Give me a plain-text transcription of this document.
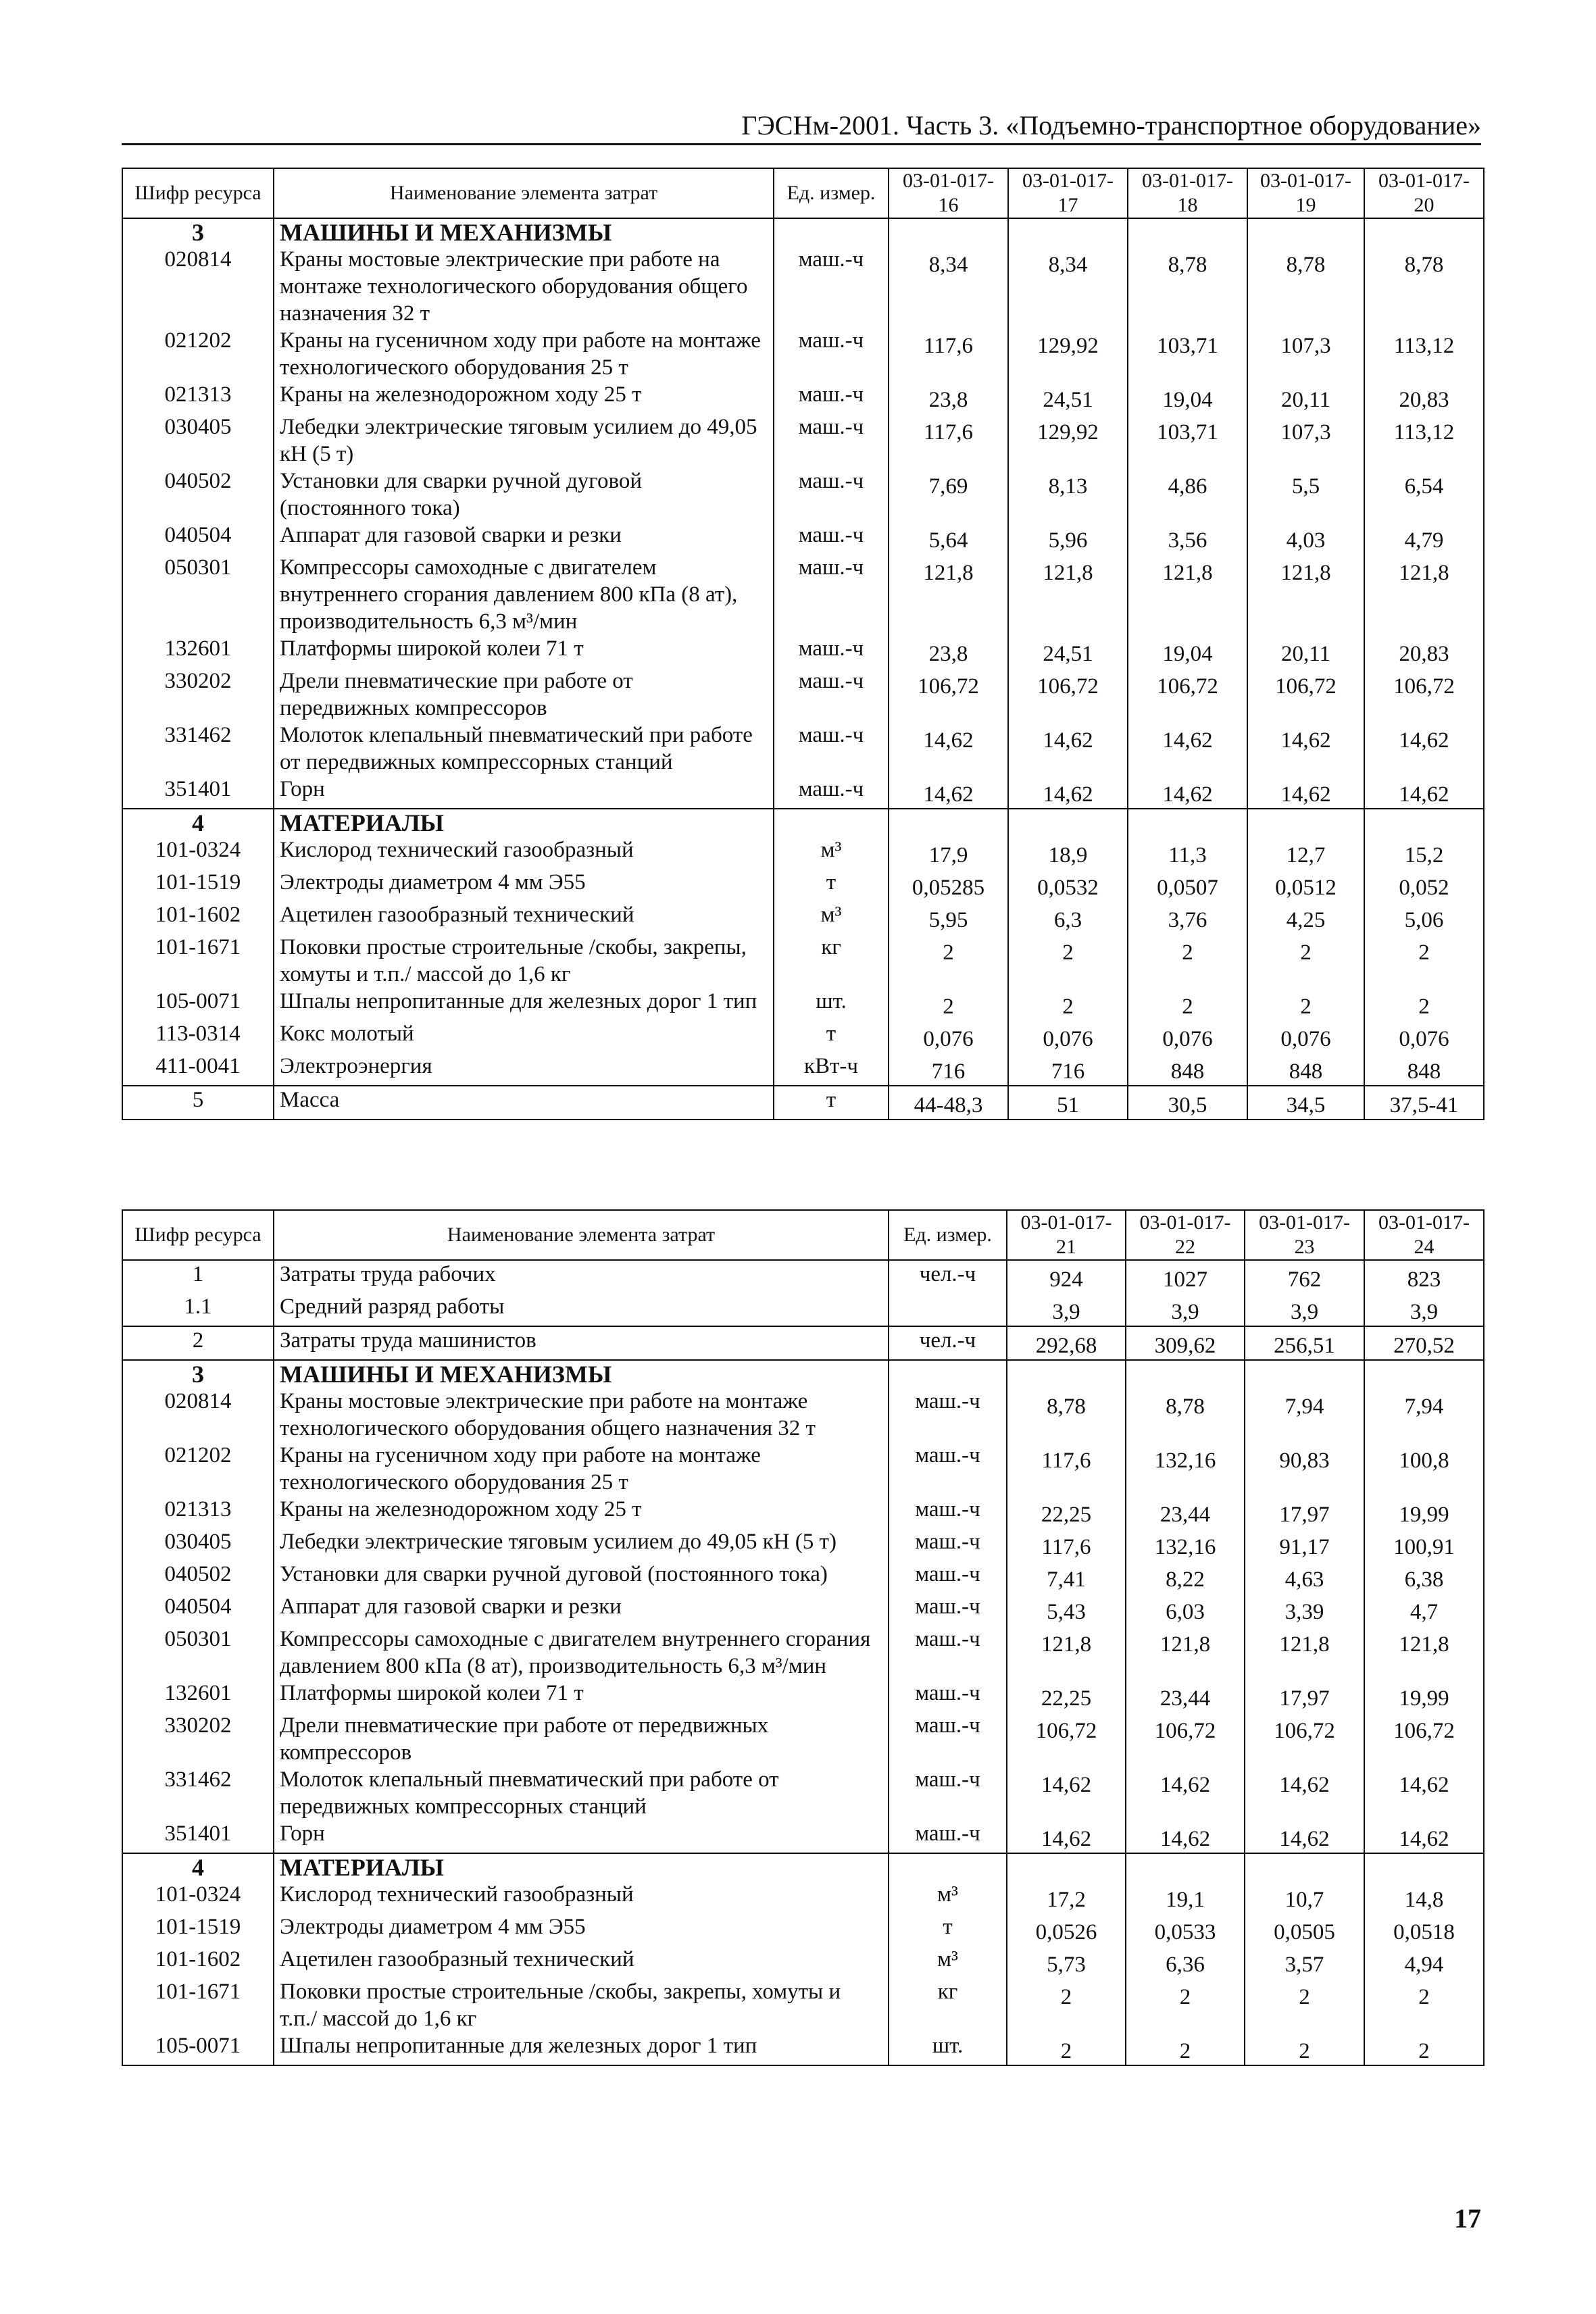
ГЭСНм-2001. Часть 3. «Подъемно-транспортное оборудование»
Шифр ресурса	Наименование элемента затрат	Ед. измер.	03-01-017-16	03-01-017-17	03-01-017-18	03-01-017-19	03-01-017-20
3	МАШИНЫ И МЕХАНИЗМЫ						
020814	Краны мостовые электрические при работе на монтаже технологического оборудования общего назначения 32 т	маш.-ч	8,34	8,34	8,78	8,78	8,78
021202	Краны на гусеничном ходу при работе на монтаже технологического оборудования 25 т	маш.-ч	117,6	129,92	103,71	107,3	113,12
021313	Краны на железнодорожном ходу 25 т	маш.-ч	23,8	24,51	19,04	20,11	20,83
030405	Лебедки электрические тяговым усилием до 49,05 кН (5 т)	маш.-ч	117,6	129,92	103,71	107,3	113,12
040502	Установки для сварки ручной дуговой (постоянного тока)	маш.-ч	7,69	8,13	4,86	5,5	6,54
040504	Аппарат для газовой сварки и резки	маш.-ч	5,64	5,96	3,56	4,03	4,79
050301	Компрессоры самоходные с двигателем внутреннего сгорания давлением 800 кПа (8 ат), производительность 6,3 м³/мин	маш.-ч	121,8	121,8	121,8	121,8	121,8
132601	Платформы широкой колеи 71 т	маш.-ч	23,8	24,51	19,04	20,11	20,83
330202	Дрели пневматические при работе от передвижных компрессоров	маш.-ч	106,72	106,72	106,72	106,72	106,72
331462	Молоток клепальный пневматический при работе от передвижных компрессорных станций	маш.-ч	14,62	14,62	14,62	14,62	14,62
351401	Горн	маш.-ч	14,62	14,62	14,62	14,62	14,62
4	МАТЕРИАЛЫ						
101-0324	Кислород технический газообразный	м³	17,9	18,9	11,3	12,7	15,2
101-1519	Электроды диаметром 4 мм Э55	т	0,05285	0,0532	0,0507	0,0512	0,052
101-1602	Ацетилен газообразный технический	м³	5,95	6,3	3,76	4,25	5,06
101-1671	Поковки простые строительные /скобы, закрепы, хомуты и т.п./ массой до 1,6 кг	кг	2	2	2	2	2
105-0071	Шпалы непропитанные для железных дорог 1 тип	шт.	2	2	2	2	2
113-0314	Кокс молотый	т	0,076	0,076	0,076	0,076	0,076
411-0041	Электроэнергия	кВт-ч	716	716	848	848	848
5	Масса	т	44-48,3	51	30,5	34,5	37,5-41
Шифр ресурса	Наименование элемента затрат	Ед. измер.	03-01-017-21	03-01-017-22	03-01-017-23	03-01-017-24
1	Затраты труда рабочих	чел.-ч	924	1027	762	823
1.1	Средний разряд работы		3,9	3,9	3,9	3,9
2	Затраты труда машинистов	чел.-ч	292,68	309,62	256,51	270,52
3	МАШИНЫ И МЕХАНИЗМЫ					
020814	Краны мостовые электрические при работе на монтаже технологического оборудования общего назначения 32 т	маш.-ч	8,78	8,78	7,94	7,94
021202	Краны на гусеничном ходу при работе на монтаже технологического оборудования 25 т	маш.-ч	117,6	132,16	90,83	100,8
021313	Краны на железнодорожном ходу 25 т	маш.-ч	22,25	23,44	17,97	19,99
030405	Лебедки электрические тяговым усилием до 49,05 кН (5 т)	маш.-ч	117,6	132,16	91,17	100,91
040502	Установки для сварки ручной дуговой (постоянного тока)	маш.-ч	7,41	8,22	4,63	6,38
040504	Аппарат для газовой сварки и резки	маш.-ч	5,43	6,03	3,39	4,7
050301	Компрессоры самоходные с двигателем внутреннего сгорания давлением 800 кПа (8 ат), производительность 6,3 м³/мин	маш.-ч	121,8	121,8	121,8	121,8
132601	Платформы широкой колеи 71 т	маш.-ч	22,25	23,44	17,97	19,99
330202	Дрели пневматические при работе от передвижных компрессоров	маш.-ч	106,72	106,72	106,72	106,72
331462	Молоток клепальный пневматический при работе от передвижных компрессорных станций	маш.-ч	14,62	14,62	14,62	14,62
351401	Горн	маш.-ч	14,62	14,62	14,62	14,62
4	МАТЕРИАЛЫ					
101-0324	Кислород технический газообразный	м³	17,2	19,1	10,7	14,8
101-1519	Электроды диаметром 4 мм Э55	т	0,0526	0,0533	0,0505	0,0518
101-1602	Ацетилен газообразный технический	м³	5,73	6,36	3,57	4,94
101-1671	Поковки простые строительные /скобы, закрепы, хомуты и т.п./ массой до 1,6 кг	кг	2	2	2	2
105-0071	Шпалы непропитанные для железных дорог 1 тип	шт.	2	2	2	2
17
